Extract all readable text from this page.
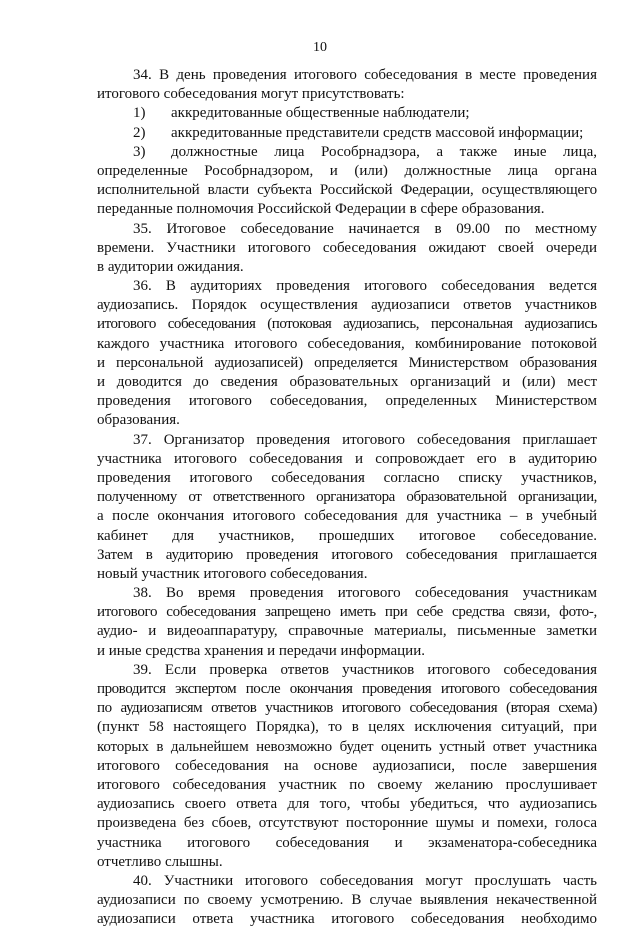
10
34. В день проведения итогового собеседования в месте проведения
итогового собеседования могут присутствовать:
1) аккредитованные общественные наблюдатели;
2) аккредитованные представители средств массовой информации;
3)	должностные лица Рособрнадзора, а также иные лица,
определенные Рособрнадзором, и (или) должностные лица органа
исполнительной власти субъекта Российской Федерации, осуществляющего
переданные полномочия Российской Федерации в сфере образования.
35. Итоговое собеседование начинается в 09.00 по местному
времени. Участники итогового собеседования ожидают своей очереди
в аудитории ожидания.
36. В аудиториях проведения итогового собеседования ведется
аудиозапись. Порядок осуществления аудиозаписи ответов участников
итогового собеседования (потоковая аудиозапись, персональная аудиозапись
каждого участника итогового собеседования, комбинирование потоковой
и персональной аудиозаписей) определяется Министерством образования
и доводится до сведения образовательных организаций и (или) мест
проведения итогового собеседования, определенных Министерством
образования.
37. Организатор проведения итогового собеседования приглашает
участника итогового собеседования и сопровождает его в аудиторию
проведения итогового собеседования согласно списку участников,
полученному от ответственного организатора образовательной организации,
а после окончания итогового собеседования для участника – в учебный
кабинет для участников, прошедших итоговое собеседование.
Затем в аудиторию проведения итогового собеседования приглашается
новый участник итогового собеседования.
38. Во время проведения итогового собеседования участникам
итогового собеседования запрещено иметь при себе средства связи, фото-,
аудио- и видеоаппаратуру, справочные материалы, письменные заметки
и иные средства хранения и передачи информации.
39. Если проверка ответов участников итогового собеседования
проводится экспертом после окончания проведения итогового собеседования
по аудиозаписям ответов участников итогового собеседования (вторая схема)
(пункт 58 настоящего Порядка), то в целях исключения ситуаций, при
которых в дальнейшем невозможно будет оценить устный ответ участника
итогового собеседования на основе аудиозаписи, после завершения
итогового собеседования участник по своему желанию прослушивает
аудиозапись своего ответа для того, чтобы убедиться, что аудиозапись
произведена без сбоев, отсутствуют посторонние шумы и помехи, голоса
участника итогового собеседования и экзаменатора-собеседника
отчетливо слышны.
40. Участники итогового собеседования могут прослушать часть
аудиозаписи по своему усмотрению. В случае выявления некачественной
аудиозаписи ответа участника итогового собеседования необходимо
